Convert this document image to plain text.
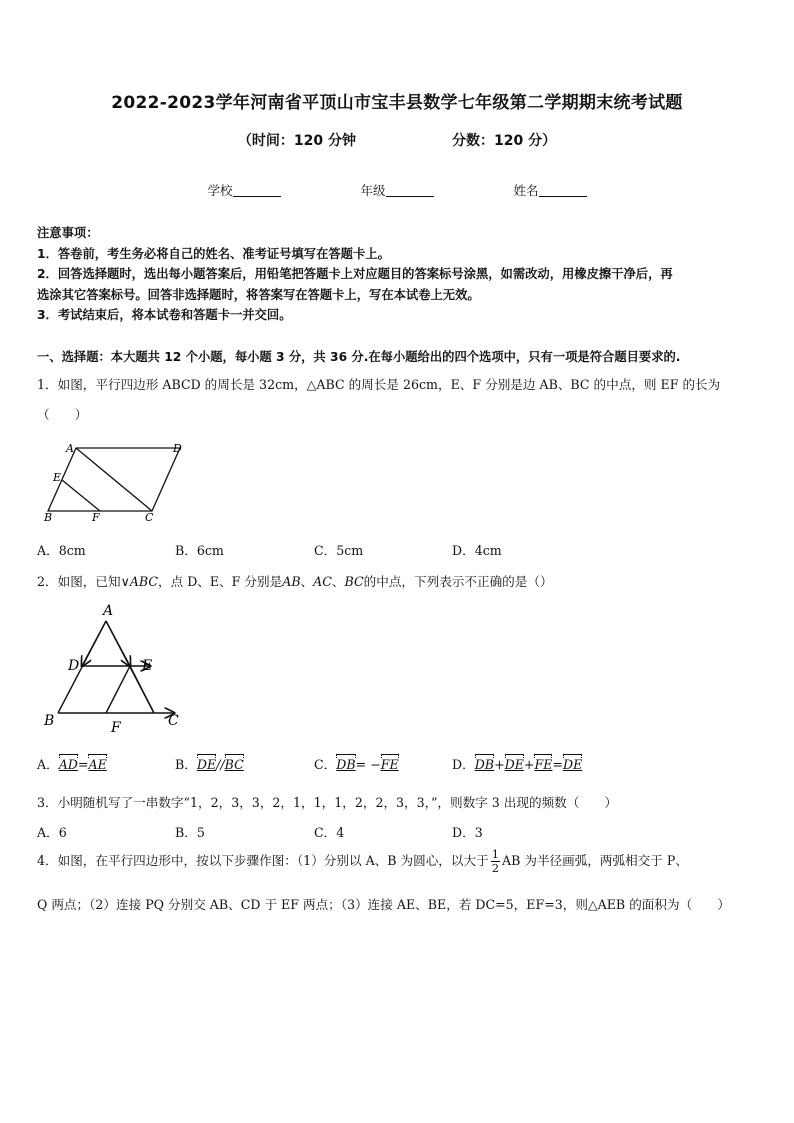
2022-2023学年河南省平顶山市宝丰县数学七年级第二学期期末统考试题
（时间：120 分钟	分数：120 分）
学校	年级	姓名
注意事项：
1．答卷前，考生务必将自己的姓名、准考证号填写在答题卡上。
2．回答选择题时，选出每小题答案后，用铅笔把答题卡上对应题目的答案标号涂黑，如需改动，用橡皮擦干净后，再
选涂其它答案标号。回答非选择题时，将答案写在答题卡上，写在本试卷上无效。
3．考试结束后，将本试卷和答题卡一并交回。
一、选择题：本大题共 12 个小题，每小题 3 分，共 36 分.在每小题给出的四个选项中，只有一项是符合题目要求的.
1．如图，平行四边形 ABCD 的周长是 32cm，△ABC 的周长是 26cm，E、F 分别是边 AB、BC 的中点，则 EF 的长为
（　　）
A	D
E
B	F	C
A．8cm	B．6cm	C．5cm	D．4cm
2．如图，已知∨ABC，点 D、E、F 分别是AB、AC、BC的中点，下列表示不正确的是（）
A
D	E
B	F	C
A．AD=AE	B．DE//BC	C．DB= −FE	D．DB+DE+FE=DE
3．小明随机写了一串数字“1，2，3，3，2，1，1，1，2，2，3，3，”，则数字 3 出现的频数（　　）
A．6	B．5	C．4	D．3
4．如图，在平行四边形中，按以下步骤作图：（1）分别以 A、B 为圆心，以大于 $\frac{1}{2}$ AB 为半径画弧，两弧相交于 P、
Q 两点；（2）连接 PQ 分别交 AB、CD 于 EF 两点；（3）连接 AE、BE，若 DC=5，EF=3，则△AEB 的面积为（　　）
